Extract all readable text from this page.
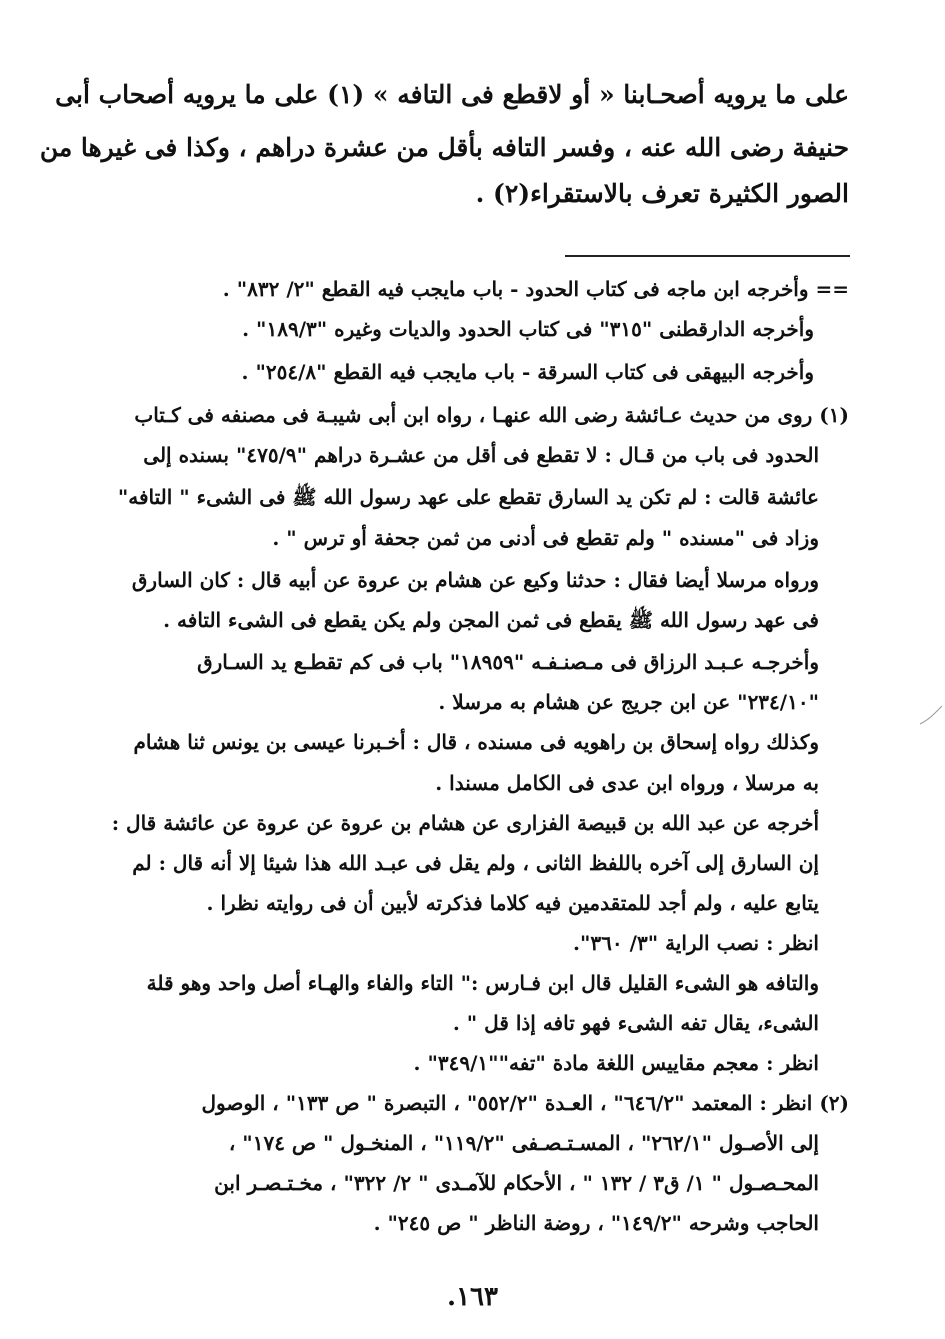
على ما يرويه أصحـابنا « أو لاقطع فى التافه » (١) على ما يرويه أصحاب أبى
حنيفة رضى الله عنه ، وفسر التافه بأقل من عشرة دراهم ، وكذا فى غيرها من
الصور الكثيرة تعرف بالاستقراء(٢) .
== وأخرجه ابن ماجه فى كتاب الحدود - باب مايجب فيه القطع "٢/ ٨٣٢" .
وأخرجه الدارقطنى "٣١٥" فى كتاب الحدود والديات وغيره "١٨٩/٣" .
وأخرجه البيهقى فى كتاب السرقة - باب مايجب فيه القطع "٢٥٤/٨" .
(١) روى من حديث عـائشة رضى الله عنهـا ، رواه ابن أبى شيبـة فى مصنفه فى كـتاب
الحدود فى باب من قـال : لا تقطع فى أقل من عشـرة دراهم "٤٧٥/٩" بسنده إلى
عائشة قالت : لم تكن يد السارق تقطع على عهد رسول الله ﷺ فى الشىء " التافه"
وزاد فى "مسنده " ولم تقطع فى أدنى من ثمن جحفة أو ترس " .
ورواه مرسلا أيضا فقال : حدثنا وكيع عن هشام بن عروة عن أبيه قال : كان السارق
فى عهد رسول الله ﷺ يقطع فى ثمن المجن ولم يكن يقطع فى الشىء التافه .
وأخرجـه عـبـد الرزاق فى مـصنـفـه "١٨٩٥٩" باب فى كم تقطـع يد السـارق
"٢٣٤/١٠" عن ابن جريج عن هشام به مرسلا .
وكذلك رواه إسحاق بن راهويه فى مسنده ، قال : أخـبرنا عيسى بن يونس ثنا هشام
به مرسلا ، ورواه ابن عدى فى الكامل مسندا .
أخرجه عن عبد الله بن قبيصة الفزارى عن هشام بن عروة عن عروة عن عائشة قال :
إن السارق إلى آخره باللفظ الثانى ، ولم يقل فى عبـد الله هذا شيئا إلا أنه قال : لم
يتابع عليه ، ولم أجد للمتقدمين فيه كلاما فذكرته لأبين أن فى روايته نظرا .
انظر : نصب الراية "٣/ ٣٦٠".
والتافه هو الشىء القليل قال ابن فـارس :" التاء والفاء والهـاء أصل واحد وهو قلة
الشىء، يقال تفه الشىء فهو تافه إذا قل " .
انظر : معجم مقاييس اللغة مادة "تفه""٣٤٩/١" .
(٢) انظر : المعتمد "٦٤٦/٢" ، العـدة "٥٥٢/٢" ، التبصرة " ص ١٣٣" ، الوصول
إلى الأصـول "٢٦٢/١" ، المسـتـصـفى "١١٩/٢" ، المنخـول " ص ١٧٤" ،
المحـصـول " ١/ ق٣ / ١٣٢ " ، الأحكام للآمـدى " ٢/ ٣٢٢" ، مخـتـصـر ابن
الحاجب وشرحه "١٤٩/٢" ، روضة الناظر " ص ٢٤٥" .
١٦٣.
